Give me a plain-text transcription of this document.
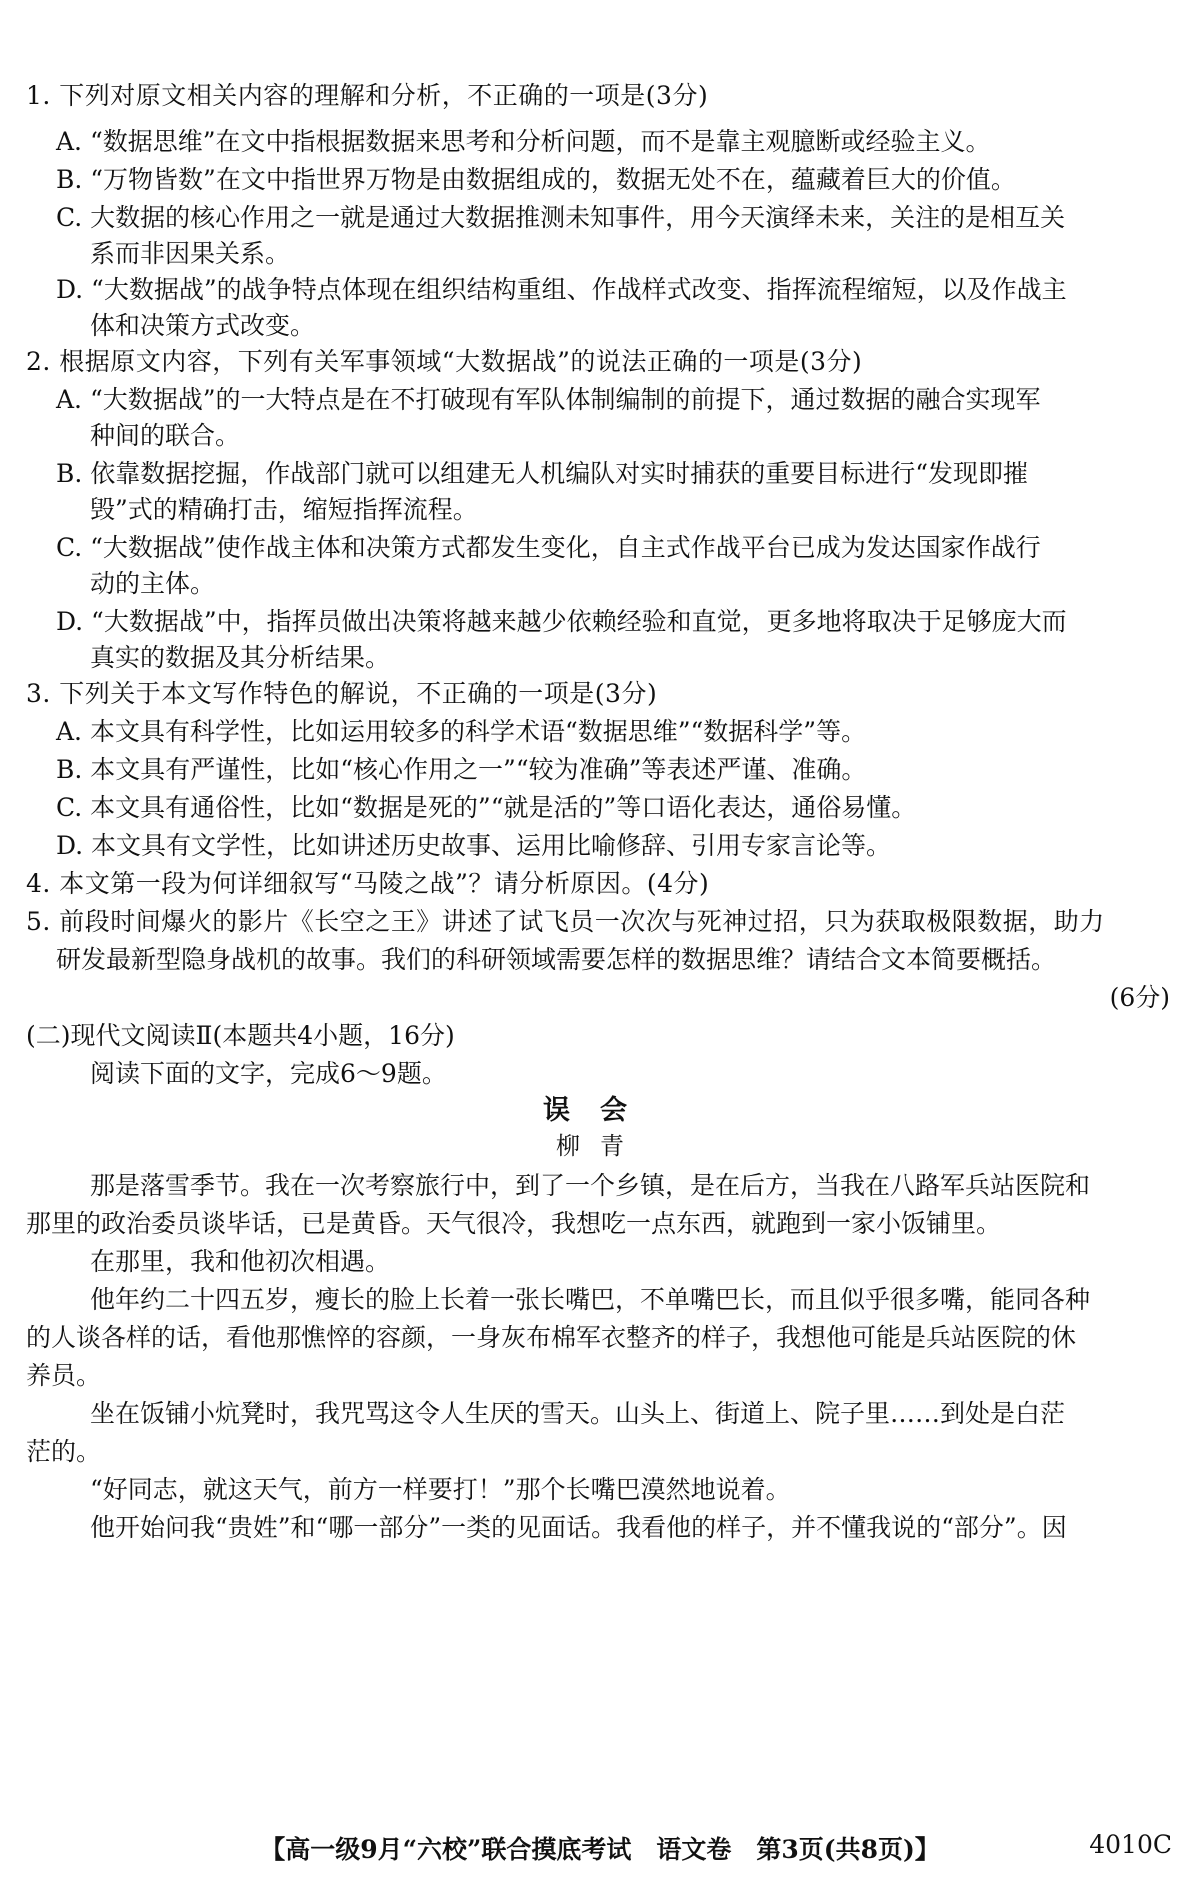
1. 下列对原文相关内容的理解和分析，不正确的一项是(3分)
A. “数据思维”在文中指根据数据来思考和分析问题，而不是靠主观臆断或经验主义。
B. “万物皆数”在文中指世界万物是由数据组成的，数据无处不在，蕴藏着巨大的价值。
C. 大数据的核心作用之一就是通过大数据推测未知事件，用今天演绎未来，关注的是相互关
系而非因果关系。
D. “大数据战”的战争特点体现在组织结构重组、作战样式改变、指挥流程缩短，以及作战主
体和决策方式改变。
2. 根据原文内容，下列有关军事领域“大数据战”的说法正确的一项是(3分)
A. “大数据战”的一大特点是在不打破现有军队体制编制的前提下，通过数据的融合实现军
种间的联合。
B. 依靠数据挖掘，作战部门就可以组建无人机编队对实时捕获的重要目标进行“发现即摧
毁”式的精确打击，缩短指挥流程。
C. “大数据战”使作战主体和决策方式都发生变化，自主式作战平台已成为发达国家作战行
动的主体。
D. “大数据战”中，指挥员做出决策将越来越少依赖经验和直觉，更多地将取决于足够庞大而
真实的数据及其分析结果。
3. 下列关于本文写作特色的解说，不正确的一项是(3分)
A. 本文具有科学性，比如运用较多的科学术语“数据思维”“数据科学”等。
B. 本文具有严谨性，比如“核心作用之一”“较为准确”等表述严谨、准确。
C. 本文具有通俗性，比如“数据是死的”“就是活的”等口语化表达，通俗易懂。
D. 本文具有文学性，比如讲述历史故事、运用比喻修辞、引用专家言论等。
4. 本文第一段为何详细叙写“马陵之战”？请分析原因。(4分)
5. 前段时间爆火的影片《长空之王》讲述了试飞员一次次与死神过招，只为获取极限数据，助力
研发最新型隐身战机的故事。我们的科研领域需要怎样的数据思维？请结合文本简要概括。
(6分)
(二)现代文阅读Ⅱ(本题共4小题，16分)
阅读下面的文字，完成6～9题。
误会
柳青
那是落雪季节。我在一次考察旅行中，到了一个乡镇，是在后方，当我在八路军兵站医院和
那里的政治委员谈毕话，已是黄昏。天气很冷，我想吃一点东西，就跑到一家小饭铺里。
在那里，我和他初次相遇。
他年约二十四五岁，瘦长的脸上长着一张长嘴巴，不单嘴巴长，而且似乎很多嘴，能同各种
的人谈各样的话，看他那憔悴的容颜，一身灰布棉军衣整齐的样子，我想他可能是兵站医院的休
养员。
坐在饭铺小炕凳时，我咒骂这令人生厌的雪天。山头上、街道上、院子里……到处是白茫
茫的。
“好同志，就这天气，前方一样要打！”那个长嘴巴漠然地说着。
他开始问我“贵姓”和“哪一部分”一类的见面话。我看他的样子，并不懂我说的“部分”。因
【高一级9月“六校”联合摸底考试　语文卷　第3页(共8页)】	4010C
